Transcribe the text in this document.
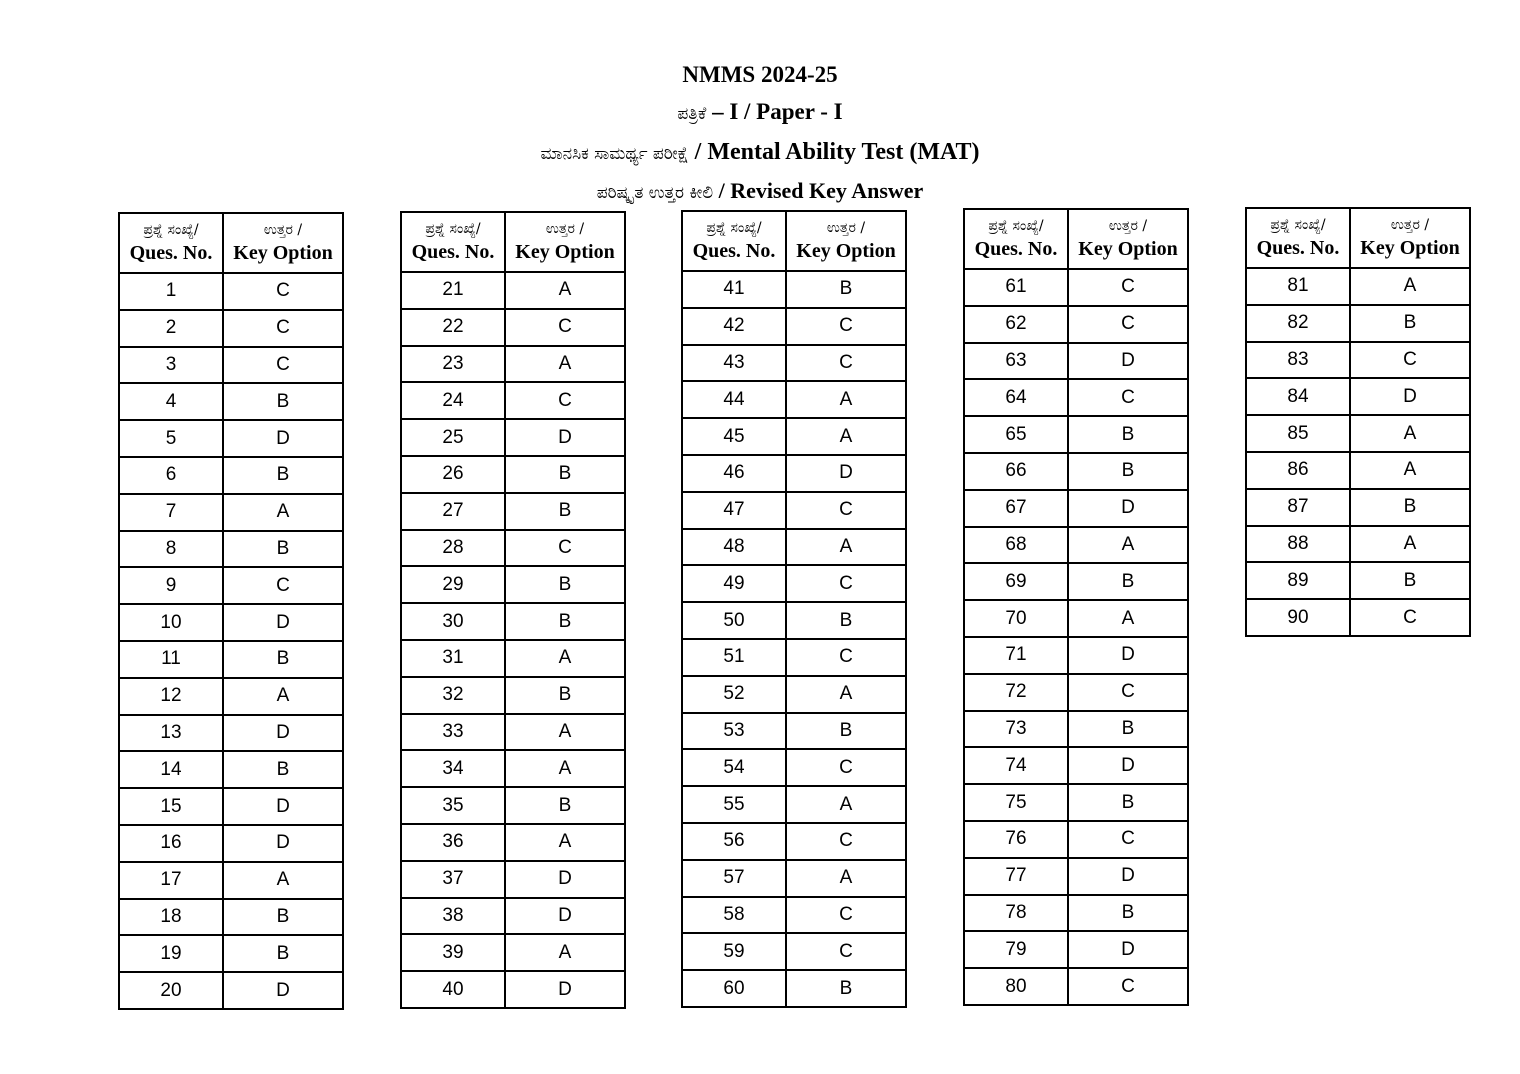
NMMS 2024-25
ಪತ್ರಿಕೆ – I / Paper - I
ಮಾನಸಿಕ ಸಾಮರ್ಥ್ಯ ಪರೀಕ್ಷೆ / Mental Ability Test (MAT)
ಪರಿಷ್ಕೃತ ಉತ್ತರ ಕೀಲಿ / Revised Key Answer
ಪ್ರಶ್ನೆ ಸಂಖ್ಯೆ/
Ques. No.	ಉತ್ತರ /
Key Option

1	C
2	C
3	C
4	B
5	D
6	B
7	A
8	B
9	C
10	D
11	B
12	A
13	D
14	B
15	D
16	D
17	A
18	B
19	B
20	D
ಪ್ರಶ್ನೆ ಸಂಖ್ಯೆ/
Ques. No.	ಉತ್ತರ /
Key Option

21	A
22	C
23	A
24	C
25	D
26	B
27	B
28	C
29	B
30	B
31	A
32	B
33	A
34	A
35	B
36	A
37	D
38	D
39	A
40	D
ಪ್ರಶ್ನೆ ಸಂಖ್ಯೆ/
Ques. No.	ಉತ್ತರ /
Key Option

41	B
42	C
43	C
44	A
45	A
46	D
47	C
48	A
49	C
50	B
51	C
52	A
53	B
54	C
55	A
56	C
57	A
58	C
59	C
60	B
ಪ್ರಶ್ನೆ ಸಂಖ್ಯೆ/
Ques. No.	ಉತ್ತರ /
Key Option

61	C
62	C
63	D
64	C
65	B
66	B
67	D
68	A
69	B
70	A
71	D
72	C
73	B
74	D
75	B
76	C
77	D
78	B
79	D
80	C
ಪ್ರಶ್ನೆ ಸಂಖ್ಯೆ/
Ques. No.	ಉತ್ತರ /
Key Option

81	A
82	B
83	C
84	D
85	A
86	A
87	B
88	A
89	B
90	C
